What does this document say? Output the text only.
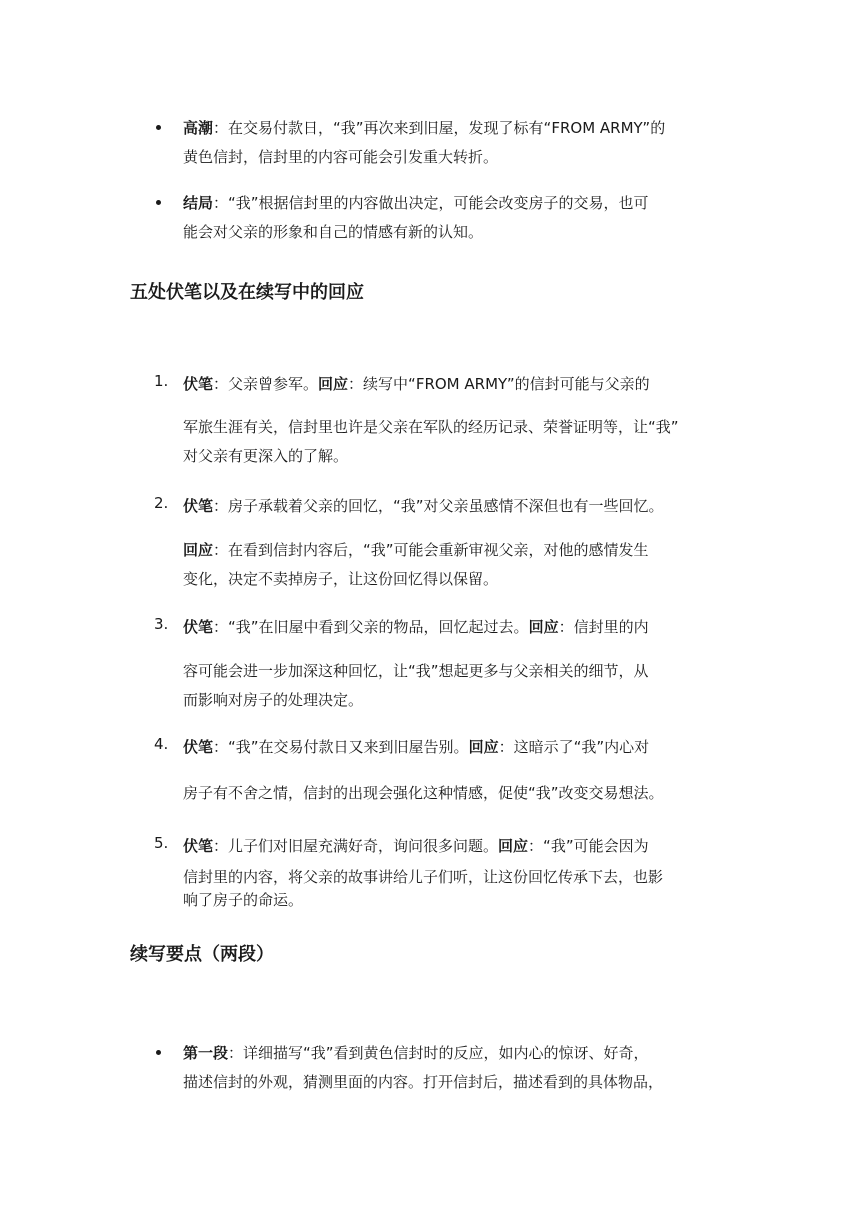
高潮：在交易付款日，“我”再次来到旧屋，发现了标有“FROM ARMY”的
黄色信封，信封里的内容可能会引发重大转折。
结局：“我”根据信封里的内容做出决定，可能会改变房子的交易，也可
能会对父亲的形象和自己的情感有新的认知。
五处伏笔以及在续写中的回应
1. 伏笔：父亲曾参军。回应：续写中“FROM ARMY”的信封可能与父亲的
军旅生涯有关，信封里也许是父亲在军队的经历记录、荣誉证明等，让“我”
对父亲有更深入的了解。
2. 伏笔：房子承载着父亲的回忆，“我”对父亲虽感情不深但也有一些回忆。
回应：在看到信封内容后，“我”可能会重新审视父亲，对他的感情发生
变化，决定不卖掉房子，让这份回忆得以保留。
3. 伏笔：“我”在旧屋中看到父亲的物品，回忆起过去。回应：信封里的内
容可能会进一步加深这种回忆，让“我”想起更多与父亲相关的细节，从
而影响对房子的处理决定。
4. 伏笔：“我”在交易付款日又来到旧屋告别。回应：这暗示了“我”内心对
房子有不舍之情，信封的出现会强化这种情感，促使“我”改变交易想法。
5. 伏笔：儿子们对旧屋充满好奇，询问很多问题。回应：“我”可能会因为
信封里的内容，将父亲的故事讲给儿子们听，让这份回忆传承下去，也影
响了房子的命运。
续写要点（两段）
第一段：详细描写“我”看到黄色信封时的反应，如内心的惊讶、好奇，
描述信封的外观，猜测里面的内容。打开信封后，描述看到的具体物品，
